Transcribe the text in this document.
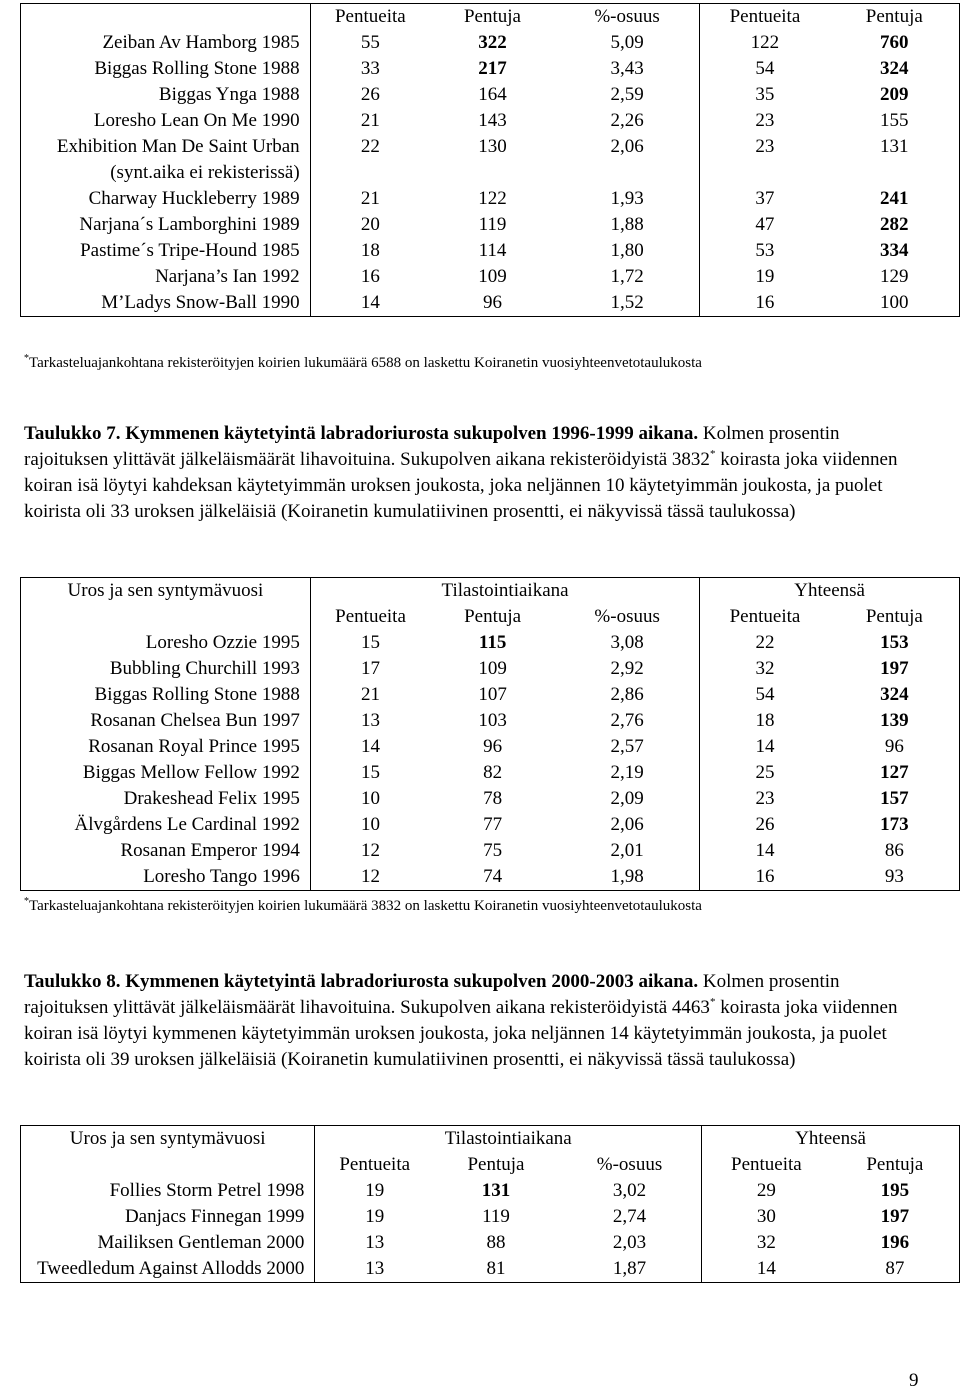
	Pentueita	Pentuja	%-osuus	Pentueita	Pentuja
Zeiban Av Hamborg 1985	55	322	5,09	122	760
Biggas Rolling Stone 1988	33	217	3,43	54	324
Biggas Ynga 1988	26	164	2,59	35	209
Loresho Lean On Me 1990	21	143	2,26	23	155
Exhibition Man De Saint Urban (synt.aika ei rekisterissä)	22	130	2,06	23	131
Charway Huckleberry 1989	21	122	1,93	37	241
Narjana´s Lamborghini 1989	20	119	1,88	47	282
Pastime´s Tripe-Hound 1985	18	114	1,80	53	334
Narjana’s Ian 1992	16	109	1,72	19	129
M’Ladys Snow-Ball 1990	14	96	1,52	16	100
*Tarkasteluajankohtana rekisteröityjen koirien lukumäärä 6588 on laskettu Koiranetin vuosiyhteenvetotaulukosta
Taulukko 7. Kymmenen käytetyintä labradoriurosta sukupolven 1996-1999 aikana. Kolmen prosentin rajoituksen ylittävät jälkeläismäärät lihavoituina. Sukupolven aikana rekisteröidyistä 3832* koirasta joka viidennen koiran isä löytyi kahdeksan käytetyimmän uroksen joukosta, joka neljännen 10 käytetyimmän joukosta, ja puolet koirista oli 33 uroksen jälkeläisiä (Koiranetin kumulatiivinen prosentti, ei näkyvissä tässä taulukossa)
Uros ja sen syntymävuosi	Tilastointiaikana			Yhteensä	
	Pentueita	Pentuja	%-osuus	Pentueita	Pentuja
Loresho Ozzie 1995	15	115	3,08	22	153
Bubbling Churchill 1993	17	109	2,92	32	197
Biggas Rolling Stone 1988	21	107	2,86	54	324
Rosanan Chelsea Bun 1997	13	103	2,76	18	139
Rosanan Royal Prince 1995	14	96	2,57	14	96
Biggas Mellow Fellow 1992	15	82	2,19	25	127
Drakeshead Felix 1995	10	78	2,09	23	157
Älvgårdens Le Cardinal 1992	10	77	2,06	26	173
Rosanan Emperor 1994	12	75	2,01	14	86
Loresho Tango 1996	12	74	1,98	16	93
*Tarkasteluajankohtana rekisteröityjen koirien lukumäärä 3832 on laskettu Koiranetin vuosiyhteenvetotaulukosta
Taulukko 8. Kymmenen käytetyintä labradoriurosta sukupolven 2000-2003 aikana. Kolmen prosentin rajoituksen ylittävät jälkeläismäärät lihavoituina. Sukupolven aikana rekisteröidyistä 4463* koirasta joka viidennen koiran isä löytyi kymmenen käytetyimmän uroksen joukosta, joka neljännen 14 käytetyimmän joukosta, ja puolet koirista oli 39 uroksen jälkeläisiä (Koiranetin kumulatiivinen prosentti, ei näkyvissä tässä taulukossa)
Uros ja sen syntymävuosi	Tilastointiaikana			Yhteensä	
	Pentueita	Pentuja	%-osuus	Pentueita	Pentuja
Follies Storm Petrel 1998	19	131	3,02	29	195
Danjacs Finnegan 1999	19	119	2,74	30	197
Mailiksen Gentleman 2000	13	88	2,03	32	196
Tweedledum Against Allodds 2000	13	81	1,87	14	87
9
